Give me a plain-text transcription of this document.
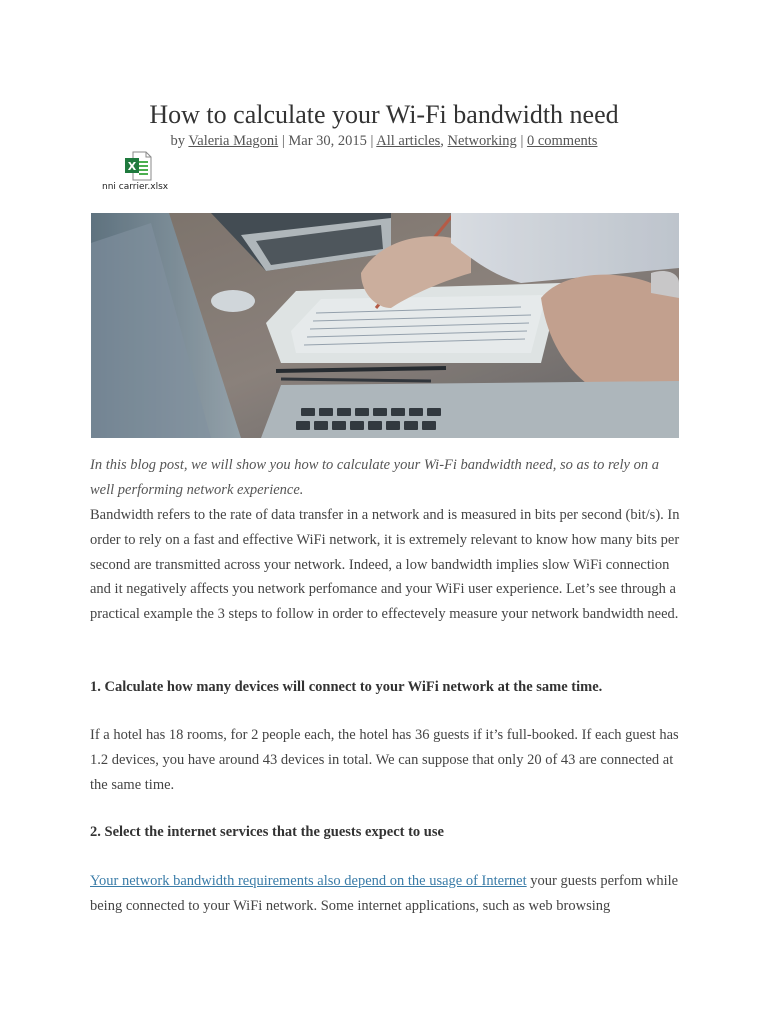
How to calculate your Wi-Fi bandwidth need
by Valeria Magoni | Mar 30, 2015 | All articles, Networking | 0 comments
X
nni carrier.xlsx

In this blog post, we will show you how to calculate your Wi-Fi bandwidth need, so as to rely on a well performing network experience.

Bandwidth refers to the rate of data transfer in a network and is measured in bits per second (bit/s). In order to rely on a fast and effective WiFi network, it is extremely relevant to know how many bits per second are transmitted across your network. Indeed, a low bandwidth implies slow WiFi connection and it negatively affects you network perfomance and your WiFi user experience. Let’s see through a practical example the 3 steps to follow in order to effectevely measure your network bandwidth need.

1. Calculate how many devices will connect to your WiFi network at the same time.

If a hotel has 18 rooms, for 2 people each, the hotel has 36 guests if it’s full-booked. If each guest has 1.2 devices, you have around 43 devices in total. We can suppose that only 20 of 43 are connected at the same time.

2. Select the internet services that the guests expect to use

Your network bandwidth requirements also depend on the usage of Internet your guests perfom while being connected to your WiFi network. Some internet applications, such as web browsing
